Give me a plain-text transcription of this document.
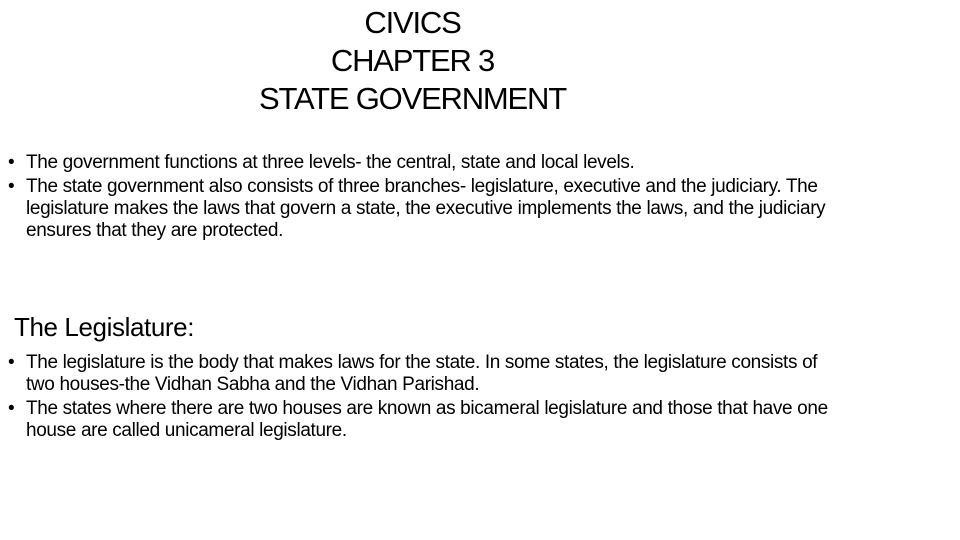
CIVICS
CHAPTER 3
STATE GOVERNMENT
• The government functions at three levels- the central, state and local levels.
• The state government also consists of three branches- legislature, executive and the judiciary. The legislature makes the laws that govern a state, the executive implements the laws, and the judiciary ensures that they are protected.
The Legislature:
• The legislature is the body that makes laws for the state. In some states, the legislature consists of two houses-the Vidhan Sabha and the Vidhan Parishad.
• The states where there are two houses are known as bicameral legislature and those that have one house are called unicameral legislature.
